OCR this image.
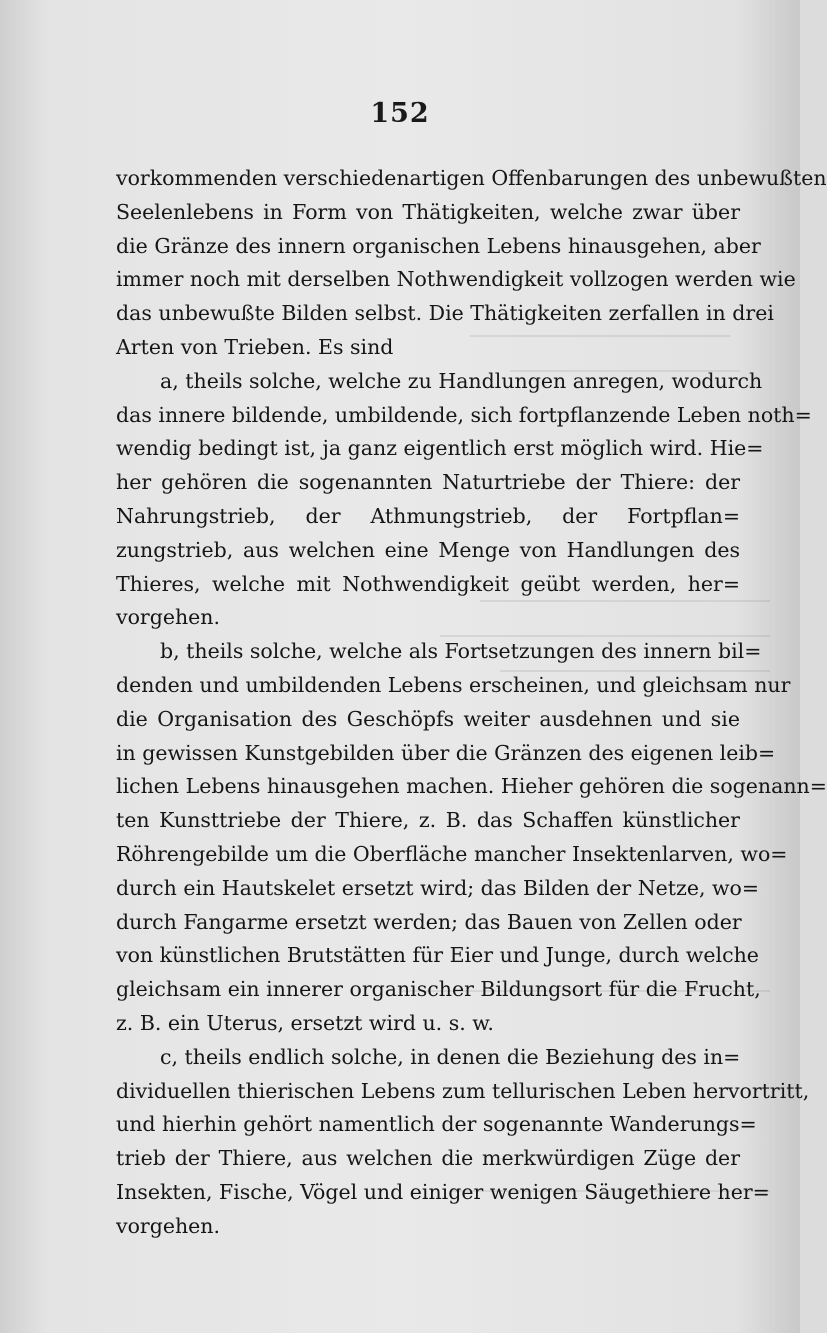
152
vorkommenden verschiedenartigen Offenbarungen des unbewußten
Seelenlebens in Form von Thätigkeiten, welche zwar über
die Gränze des innern organischen Lebens hinausgehen, aber
immer noch mit derselben Nothwendigkeit vollzogen werden wie
das unbewußte Bilden selbst. Die Thätigkeiten zerfallen in drei
Arten von Trieben. Es sind
a, theils solche, welche zu Handlungen anregen, wodurch
das innere bildende, umbildende, sich fortpflanzende Leben noth=
wendig bedingt ist, ja ganz eigentlich erst möglich wird. Hie=
her gehören die sogenannten Naturtriebe der Thiere: der
Nahrungstrieb, der Athmungstrieb, der Fortpflan=
zungstrieb, aus welchen eine Menge von Handlungen des
Thieres, welche mit Nothwendigkeit geübt werden, her=
vorgehen.
b, theils solche, welche als Fortsetzungen des innern bil=
denden und umbildenden Lebens erscheinen, und gleichsam nur
die Organisation des Geschöpfs weiter ausdehnen und sie
in gewissen Kunstgebilden über die Gränzen des eigenen leib=
lichen Lebens hinausgehen machen. Hieher gehören die sogenann=
ten Kunsttriebe der Thiere, z. B. das Schaffen künstlicher
Röhrengebilde um die Oberfläche mancher Insektenlarven, wo=
durch ein Hautskelet ersetzt wird; das Bilden der Netze, wo=
durch Fangarme ersetzt werden; das Bauen von Zellen oder
von künstlichen Brutstätten für Eier und Junge, durch welche
gleichsam ein innerer organischer Bildungsort für die Frucht,
z. B. ein Uterus, ersetzt wird u. s. w.
c, theils endlich solche, in denen die Beziehung des in=
dividuellen thierischen Lebens zum tellurischen Leben hervortritt,
und hierhin gehört namentlich der sogenannte Wanderungs=
trieb der Thiere, aus welchen die merkwürdigen Züge der
Insekten, Fische, Vögel und einiger wenigen Säugethiere her=
vorgehen.
